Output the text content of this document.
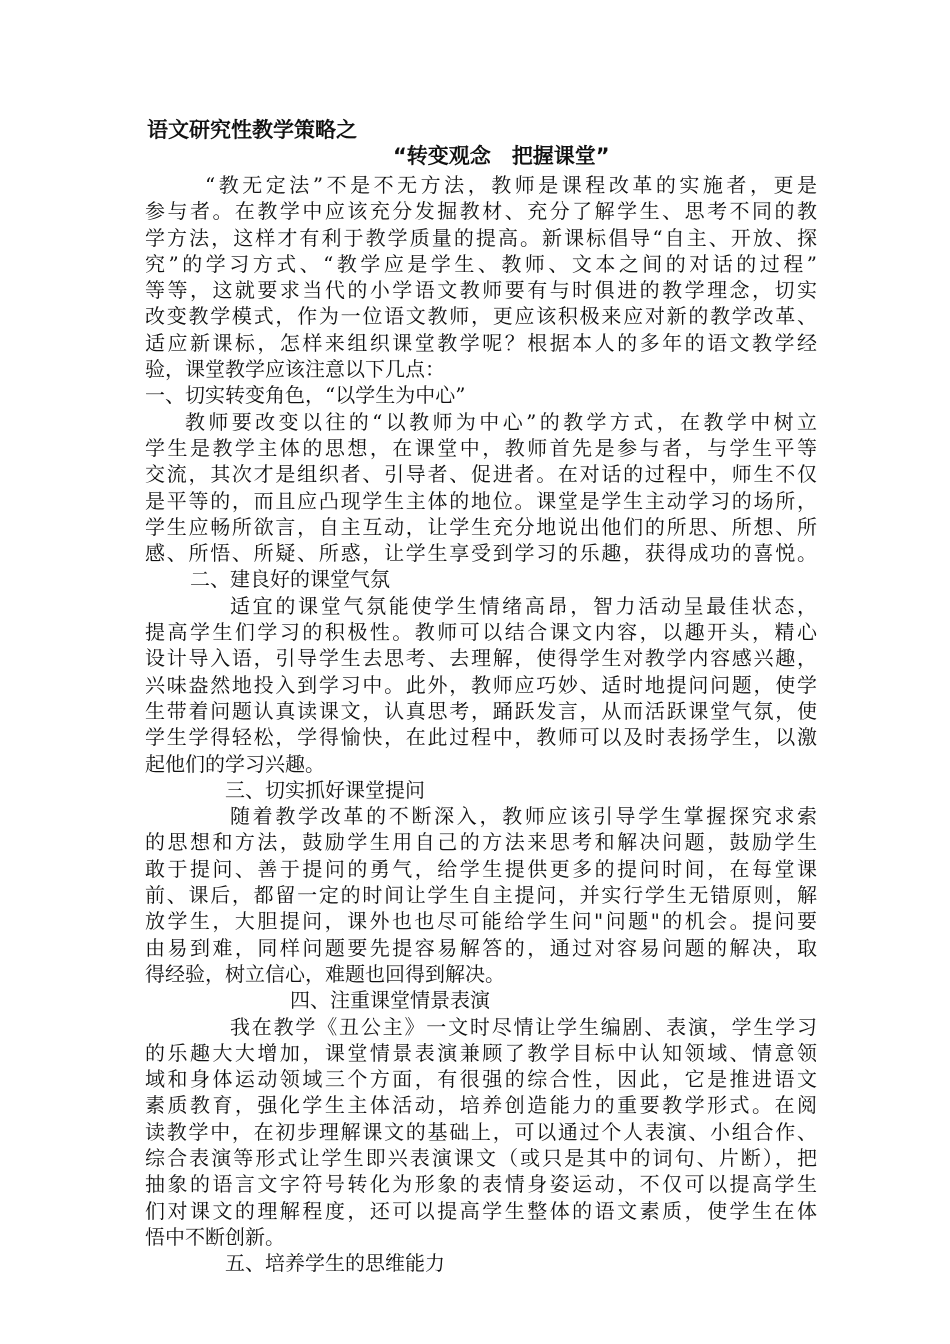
语文研究性教学策略之
“转变观念　把握课堂”
“教无定法”不是不无方法，教师是课程改革的实施者，更是
参与者。在教学中应该充分发掘教材、充分了解学生、思考不同的教
学方法，这样才有利于教学质量的提高。新课标倡导“自主、开放、探
究”的学习方式、“教学应是学生、教师、文本之间的对话的过程”
等等，这就要求当代的小学语文教师要有与时俱进的教学理念，切实
改变教学模式，作为一位语文教师，更应该积极来应对新的教学改革、
适应新课标，怎样来组织课堂教学呢？根据本人的多年的语文教学经
验，课堂教学应该注意以下几点：
一、切实转变角色，“以学生为中心”
教师要改变以往的“以教师为中心”的教学方式，在教学中树立
学生是教学主体的思想，在课堂中，教师首先是参与者，与学生平等
交流，其次才是组织者、引导者、促进者。在对话的过程中，师生不仅
是平等的，而且应凸现学生主体的地位。课堂是学生主动学习的场所，
学生应畅所欲言，自主互动，让学生充分地说出他们的所思、所想、所
感、所悟、所疑、所惑，让学生享受到学习的乐趣，获得成功的喜悦。
二、建良好的课堂气氛
适宜的课堂气氛能使学生情绪高昂，智力活动呈最佳状态，
提高学生们学习的积极性。教师可以结合课文内容，以趣开头，精心
设计导入语，引导学生去思考、去理解，使得学生对教学内容感兴趣，
兴味盎然地投入到学习中。此外，教师应巧妙、适时地提问问题，使学
生带着问题认真读课文，认真思考，踊跃发言，从而活跃课堂气氛，使
学生学得轻松，学得愉快，在此过程中，教师可以及时表扬学生，以激
起他们的学习兴趣。
三、切实抓好课堂提问
随着教学改革的不断深入，教师应该引导学生掌握探究求索
的思想和方法，鼓励学生用自己的方法来思考和解决问题，鼓励学生
敢于提问、善于提问的勇气，给学生提供更多的提问时间，在每堂课
前、课后，都留一定的时间让学生自主提问，并实行学生无错原则，解
放学生，大胆提问，课外也也尽可能给学生问"问题"的机会。提问要
由易到难，同样问题要先提容易解答的，通过对容易问题的解决，取
得经验，树立信心，难题也回得到解决。
四、注重课堂情景表演
我在教学《丑公主》一文时尽情让学生编剧、表演，学生学习
的乐趣大大增加，课堂情景表演兼顾了教学目标中认知领域、情意领
域和身体运动领域三个方面，有很强的综合性，因此，它是推进语文
素质教育，强化学生主体活动，培养创造能力的重要教学形式。在阅
读教学中，在初步理解课文的基础上，可以通过个人表演、小组合作、
综合表演等形式让学生即兴表演课文（或只是其中的词句、片断），把
抽象的语言文字符号转化为形象的表情身姿运动，不仅可以提高学生
们对课文的理解程度，还可以提高学生整体的语文素质，使学生在体
悟中不断创新。
五、培养学生的思维能力
